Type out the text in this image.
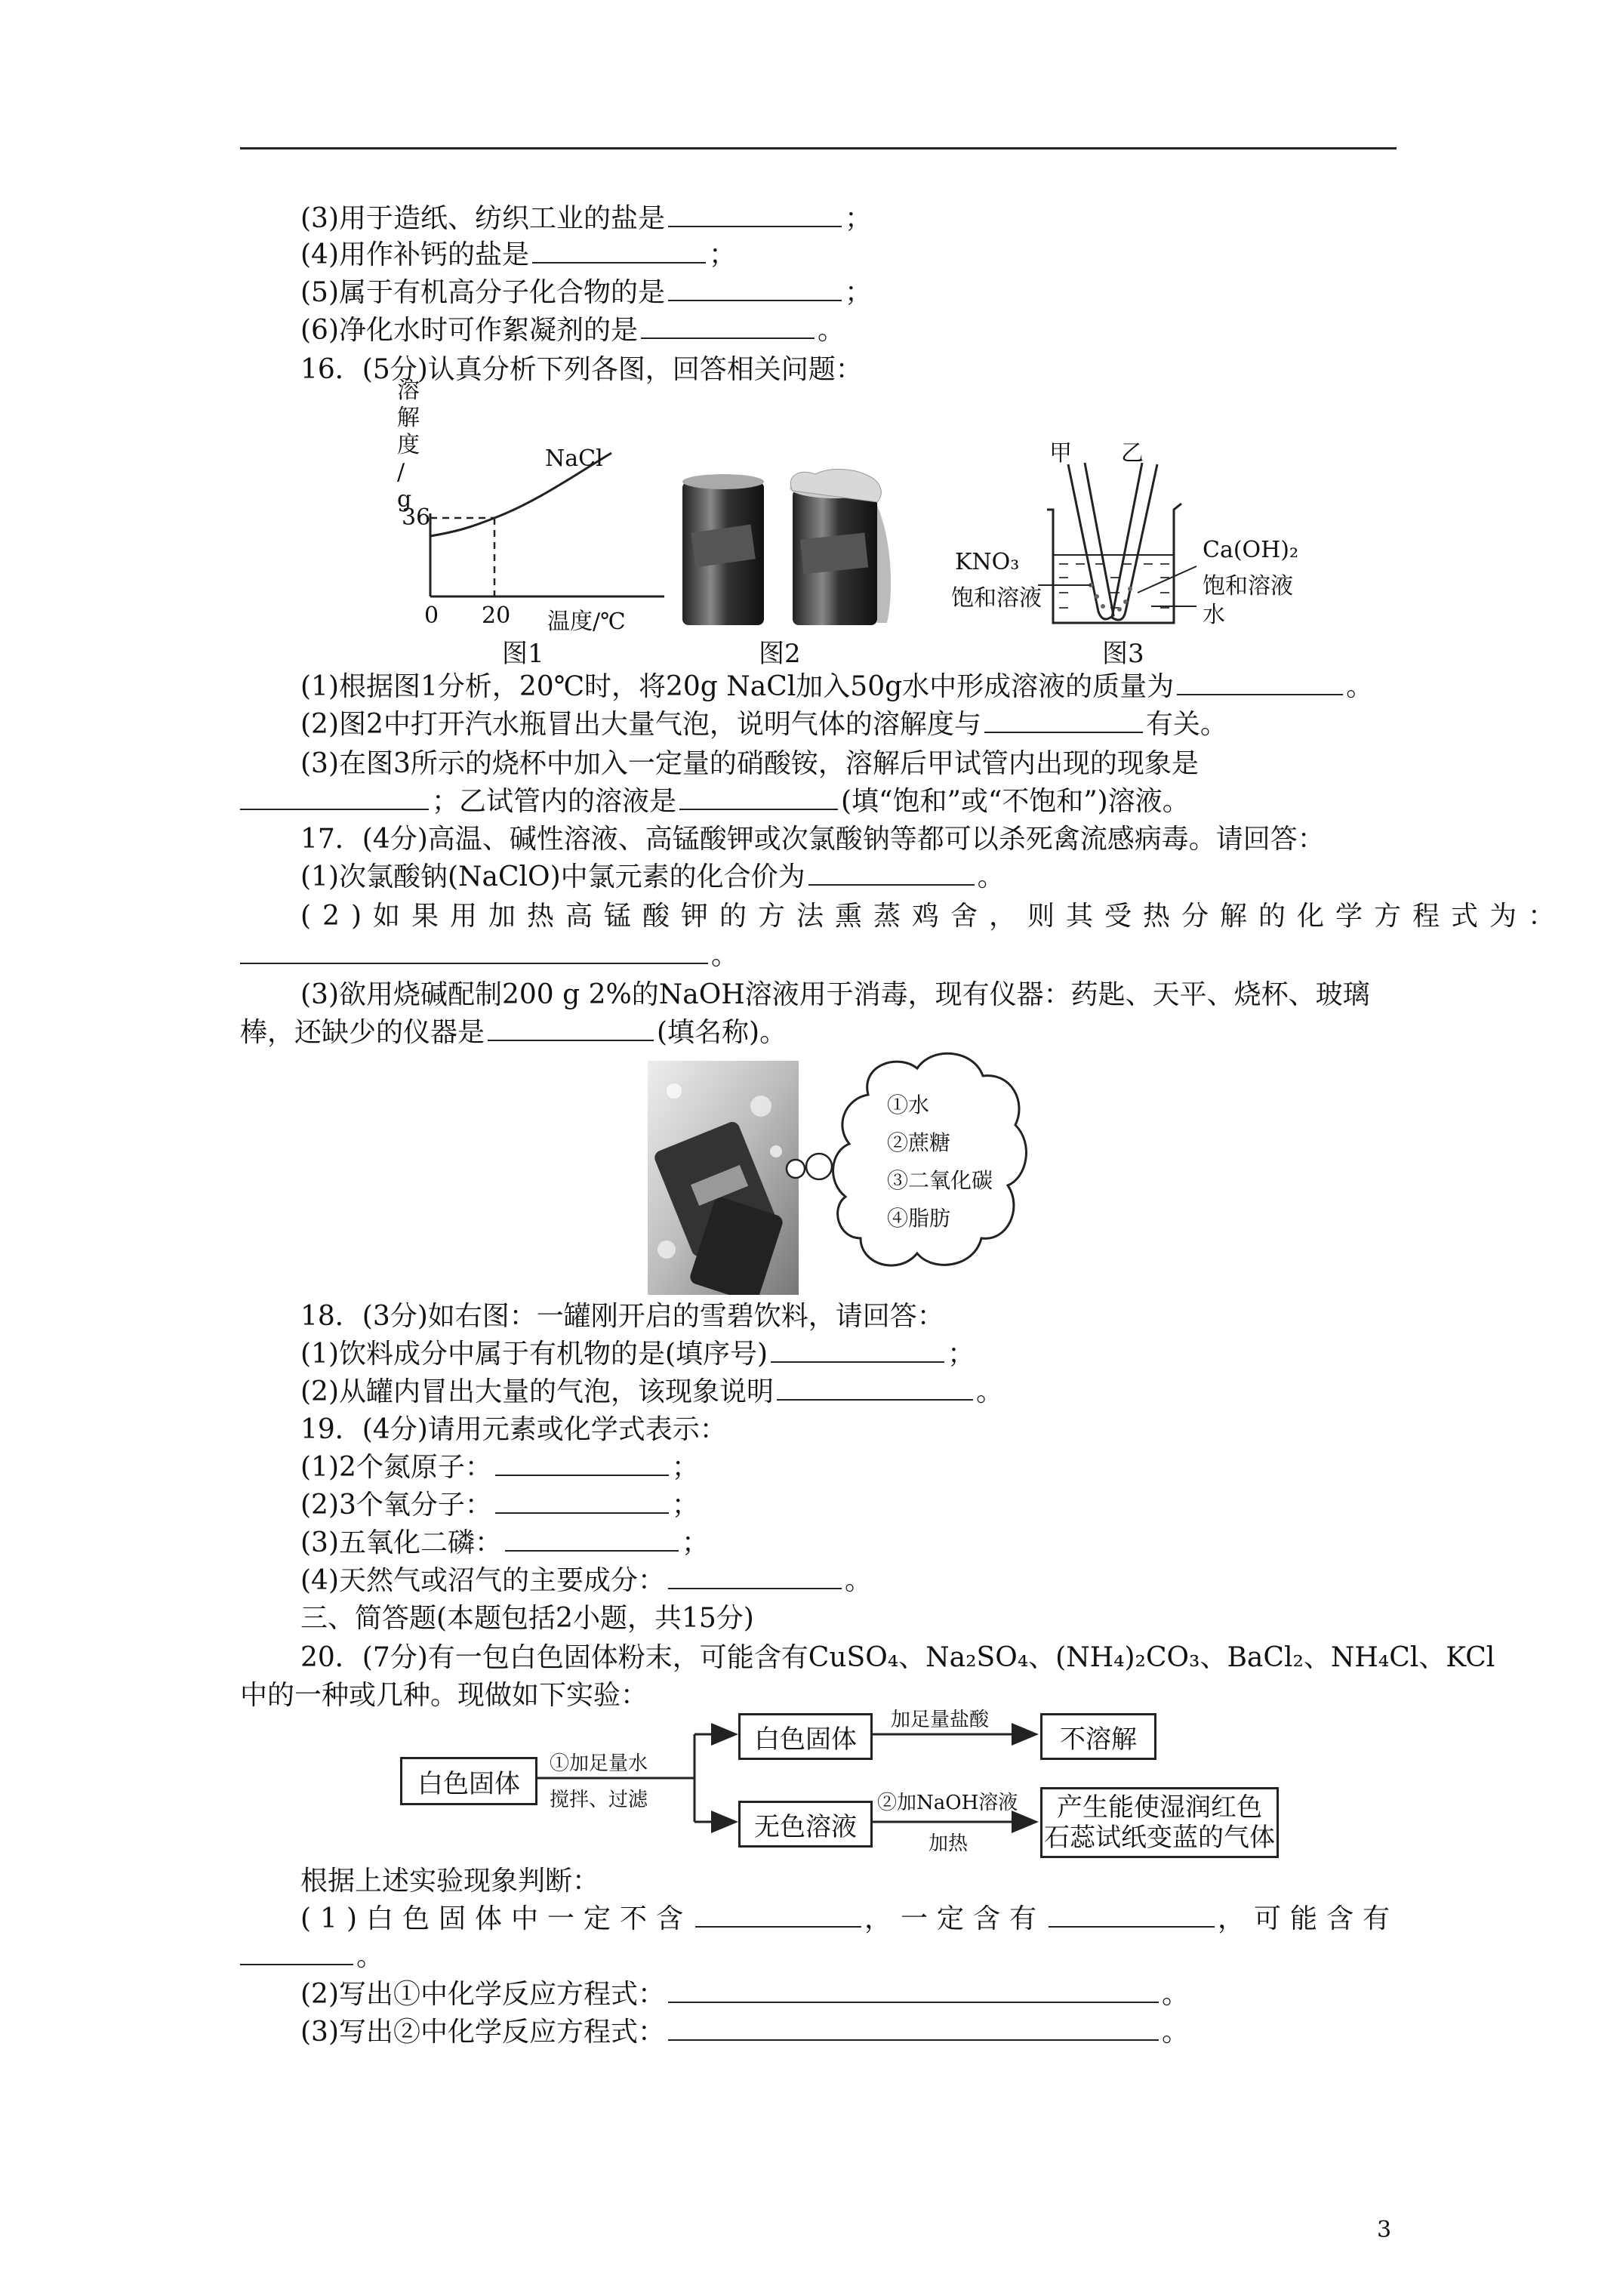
(3)用于造纸、纺织工业的盐是	；
(4)用作补钙的盐是	；
(5)属于有机高分子化合物的是	；
(6)净化水时可作絮凝剂的是	。
16．(5分)认真分析下列各图，回答相关问题：
溶
解
度
/
g
36
0 20 温度/℃
NaCl
图1	图2
甲 乙
KNO₃
饱和溶液
Ca(OH)₂
饱和溶液
水
图3
(1)根据图1分析，20℃时，将20g NaCl加入50g水中形成溶液的质量为	。
(2)图2中打开汽水瓶冒出大量气泡，说明气体的溶解度与	有关。
(3)在图3所示的烧杯中加入一定量的硝酸铵，溶解后甲试管内出现的现象是
；乙试管内的溶液是	(填“饱和”或“不饱和”)溶液。
17．(4分)高温、碱性溶液、高锰酸钾或次氯酸钠等都可以杀死禽流感病毒。请回答：
(1)次氯酸钠(NaClO)中氯元素的化合价为	。
(2)如果用加热高锰酸钾的方法熏蒸鸡舍，则其受热分解的化学方程式为：
。
(3)欲用烧碱配制200 g 2%的NaOH溶液用于消毒，现有仪器：药匙、天平、烧杯、玻璃
棒，还缺少的仪器是	(填名称)。
①水
②蔗糖
③二氧化碳
④脂肪
18．(3分)如右图：一罐刚开启的雪碧饮料，请回答：
(1)饮料成分中属于有机物的是(填序号)	；
(2)从罐内冒出大量的气泡，该现象说明	。
19．(4分)请用元素或化学式表示：
(1)2个氮原子：	；
(2)3个氧分子：	；
(3)五氧化二磷：	；
(4)天然气或沼气的主要成分：	。
三、简答题(本题包括2小题，共15分)
20．(7分)有一包白色固体粉末，可能含有CuSO₄、Na₂SO₄、(NH₄)₂CO₃、BaCl₂、NH₄Cl、KCl
中的一种或几种。现做如下实验：
白色固体
①加足量水
搅拌、过滤
白色固体
加足量盐酸
不溶解
无色溶液
②加NaOH溶液
加热
产生能使湿润红色
石蕊试纸变蓝的气体
根据上述实验现象判断：
(1)白色固体中一定不含	，一定含有	，可能含有
。
(2)写出①中化学反应方程式：	。
(3)写出②中化学反应方程式：	。
3
